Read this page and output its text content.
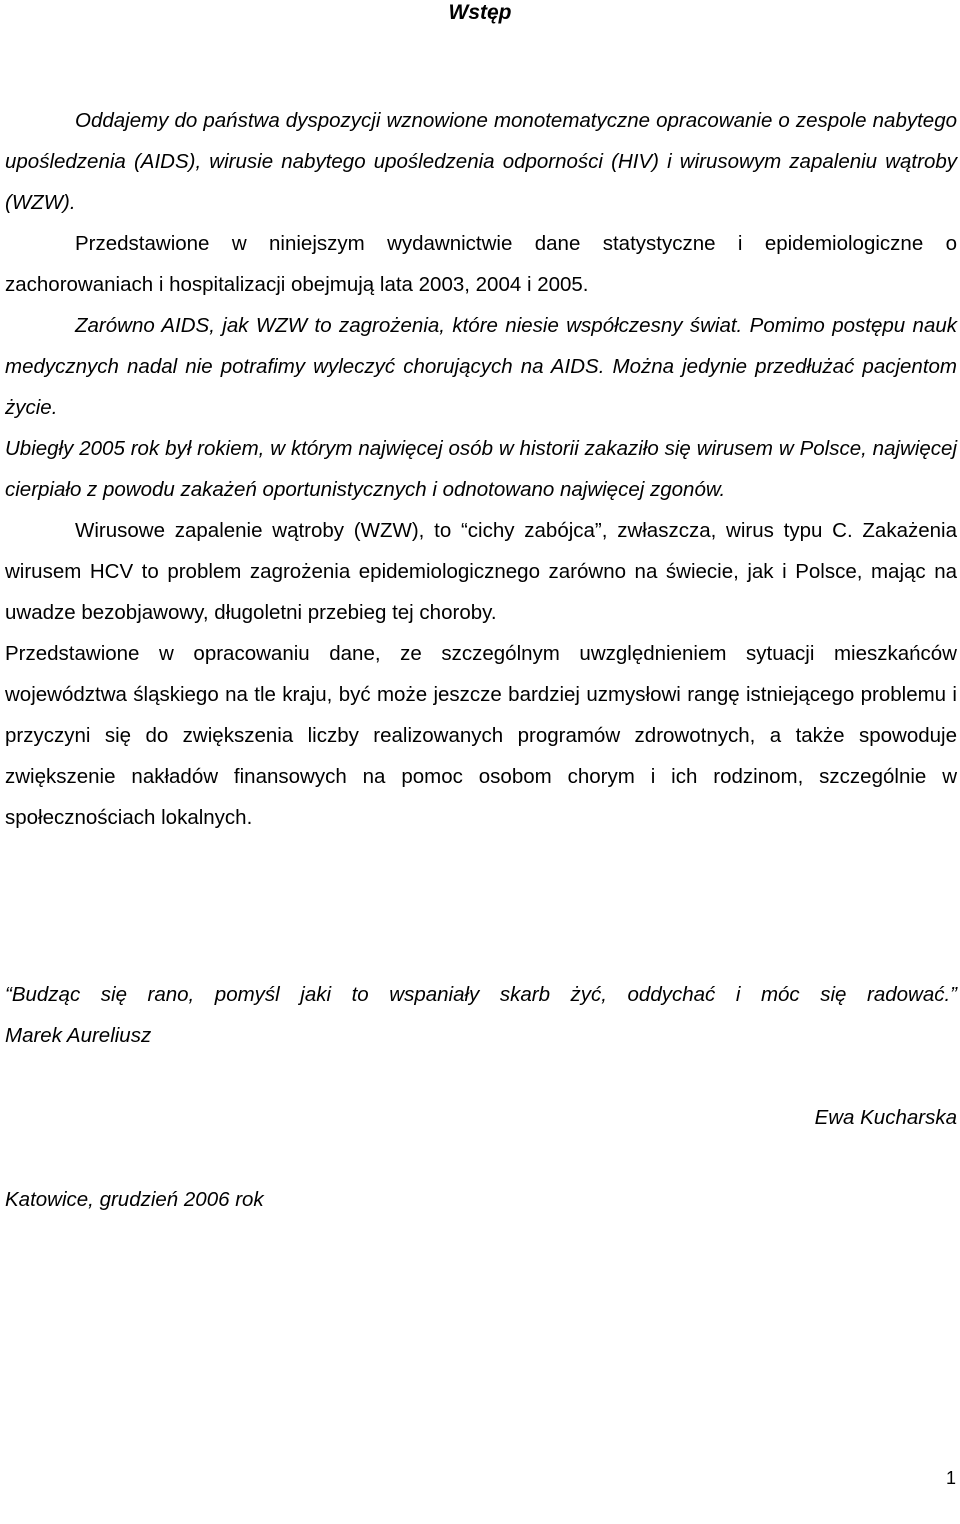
Wstęp

Oddajemy do państwa dyspozycji wznowione monotematyczne opracowanie o zespole nabytego upośledzenia (AIDS), wirusie nabytego upośledzenia odporności (HIV) i wirusowym zapaleniu wątroby (WZW).

Przedstawione w niniejszym wydawnictwie dane statystyczne i epidemiologiczne o zachorowaniach i hospitalizacji obejmują lata 2003, 2004 i 2005.

Zarówno AIDS, jak WZW to zagrożenia, które niesie współczesny świat. Pomimo postępu nauk medycznych nadal nie potrafimy wyleczyć chorujących na AIDS. Można jedynie przedłużać pacjentom życie.

Ubiegły 2005 rok był rokiem, w którym najwięcej osób w historii zakaziło się wirusem w Polsce, najwięcej cierpiało z powodu zakażeń oportunistycznych i odnotowano najwięcej zgonów.

Wirusowe zapalenie wątroby (WZW), to “cichy zabójca”, zwłaszcza, wirus typu C. Zakażenia wirusem HCV to problem zagrożenia epidemiologicznego zarówno na świecie, jak i Polsce, mając na uwadze bezobjawowy, długoletni przebieg tej choroby.

Przedstawione w opracowaniu dane, ze szczególnym uwzględnieniem sytuacji mieszkańców województwa śląskiego na tle kraju, być może jeszcze bardziej uzmysłowi rangę istniejącego problemu i przyczyni się do zwiększenia liczby realizowanych programów zdrowotnych, a także spowoduje zwiększenie nakładów finansowych na pomoc osobom chorym i ich rodzinom, szczególnie w społecznościach lokalnych.

“Budząc się rano, pomyśl jaki to wspaniały skarb żyć, oddychać i móc się radować.”

Marek Aureliusz

Ewa Kucharska

Katowice, grudzień 2006 rok

1
